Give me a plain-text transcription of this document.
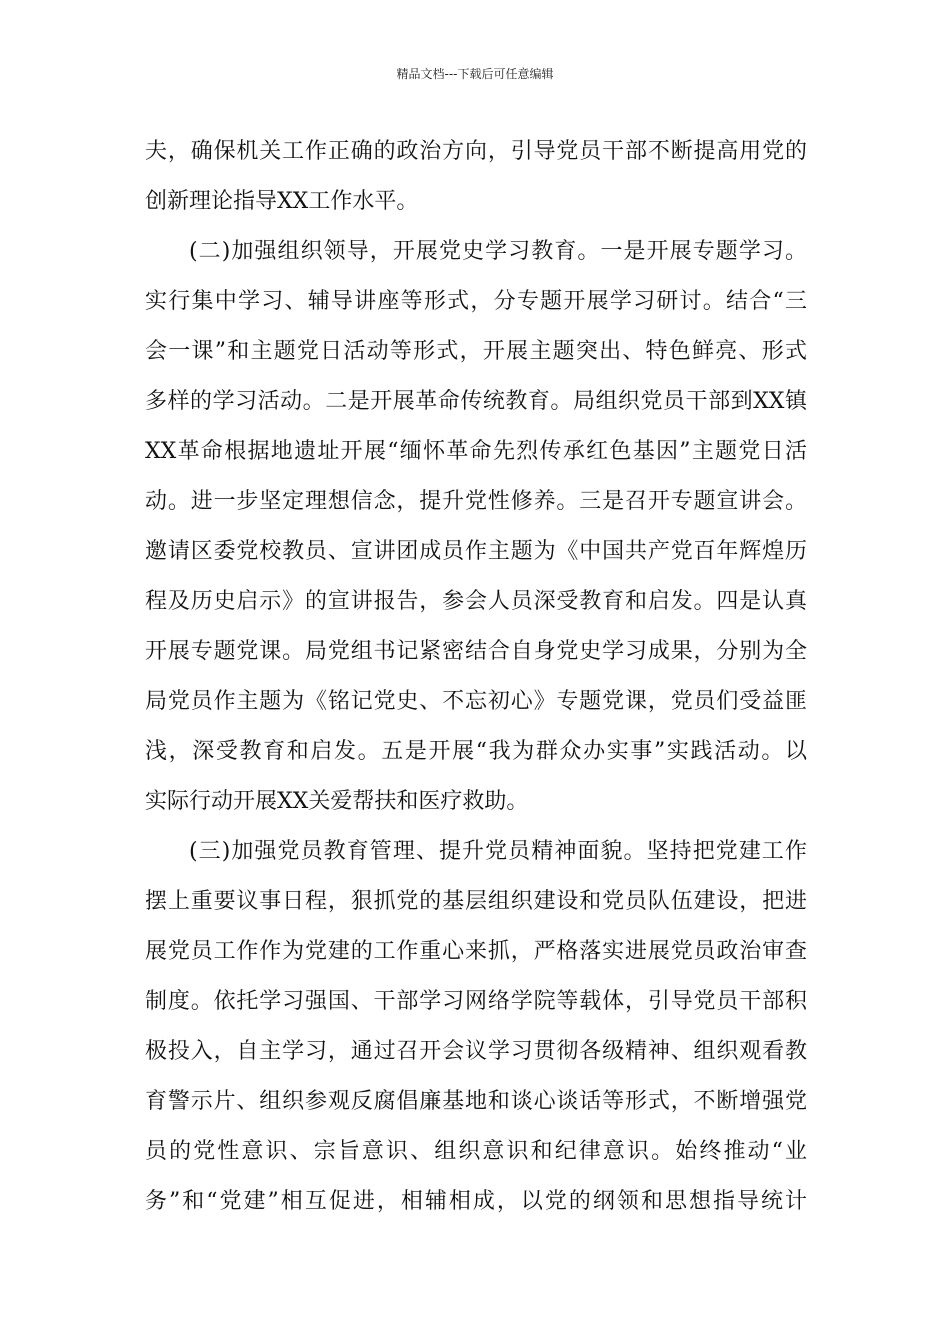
精品文档---下载后可任意编辑
夫，确保机关工作正确的政治方向，引导党员干部不断提高用党的
创新理论指导XX工作水平。
(二)加强组织领导，开展党史学习教育。一是开展专题学习。
实行集中学习、辅导讲座等形式，分专题开展学习研讨。结合“三
会一课”和主题党日活动等形式，开展主题突出、特色鲜亮、形式
多样的学习活动。二是开展革命传统教育。局组织党员干部到XX镇
XX革命根据地遗址开展“缅怀革命先烈传承红色基因”主题党日活
动。进一步坚定理想信念，提升党性修养。三是召开专题宣讲会。
邀请区委党校教员、宣讲团成员作主题为《中国共产党百年辉煌历
程及历史启示》的宣讲报告，参会人员深受教育和启发。四是认真
开展专题党课。局党组书记紧密结合自身党史学习成果，分别为全
局党员作主题为《铭记党史、不忘初心》专题党课，党员们受益匪
浅，深受教育和启发。五是开展“我为群众办实事”实践活动。以
实际行动开展XX关爱帮扶和医疗救助。
(三)加强党员教育管理、提升党员精神面貌。坚持把党建工作
摆上重要议事日程，狠抓党的基层组织建设和党员队伍建设，把进
展党员工作作为党建的工作重心来抓，严格落实进展党员政治审查
制度。依托学习强国、干部学习网络学院等载体，引导党员干部积
极投入，自主学习，通过召开会议学习贯彻各级精神、组织观看教
育警示片、组织参观反腐倡廉基地和谈心谈话等形式，不断增强党
员的党性意识、宗旨意识、组织意识和纪律意识。始终推动“业
务”和“党建”相互促进，相辅相成，以党的纲领和思想指导统计
